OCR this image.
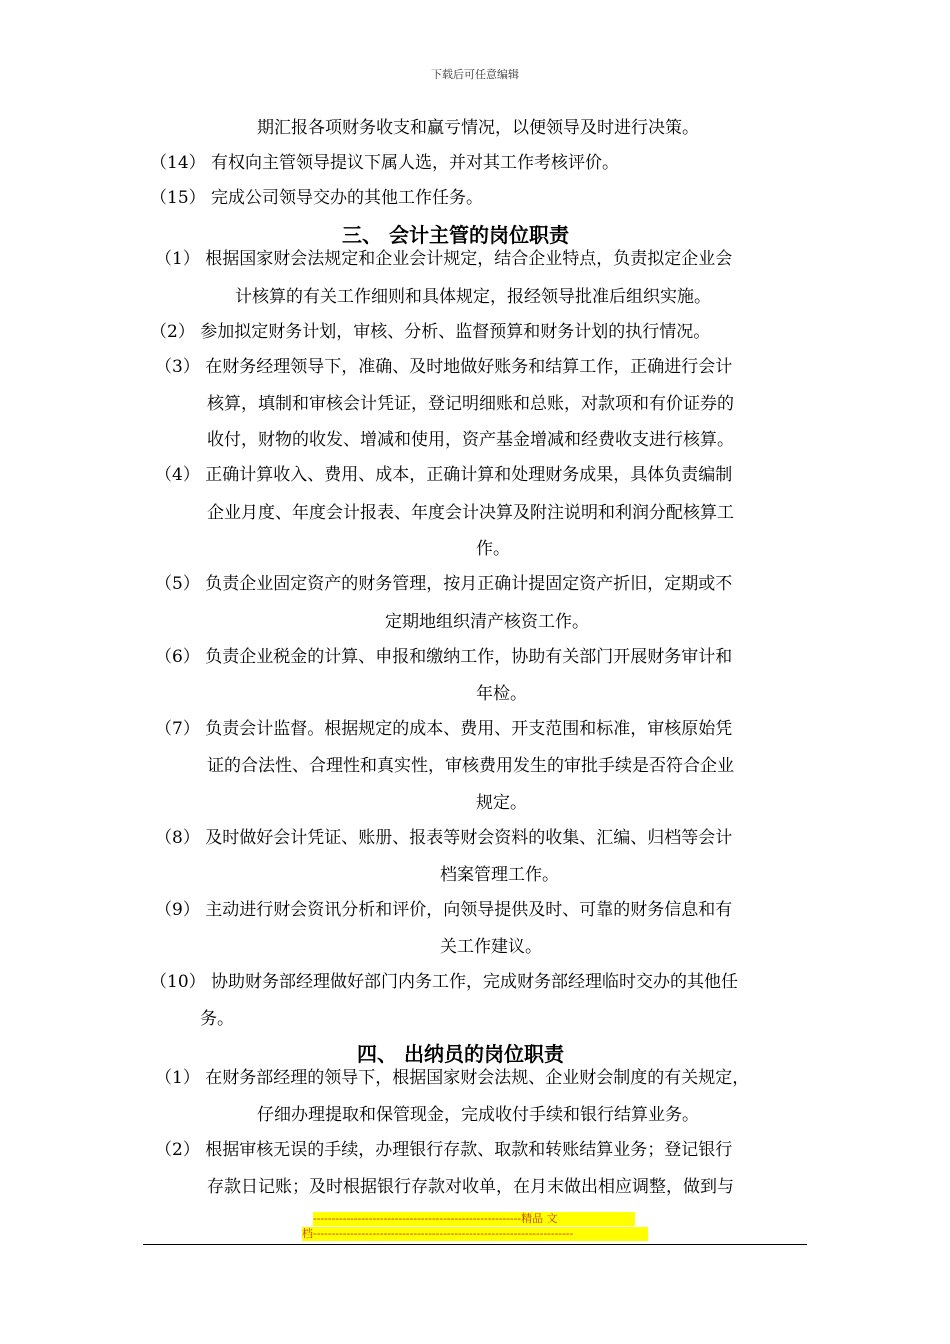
下载后可任意编辑
期汇报各项财务收支和赢亏情况，以便领导及时进行决策。
（14） 有权向主管领导提议下属人选，并对其工作考核评价。
（15） 完成公司领导交办的其他工作任务。
三、 会计主管的岗位职责
（1） 根据国家财会法规定和企业会计规定，结合企业特点，负责拟定企业会
计核算的有关工作细则和具体规定，报经领导批准后组织实施。
（2） 参加拟定财务计划，审核、分析、监督预算和财务计划的执行情况。
（3） 在财务经理领导下，准确、及时地做好账务和结算工作，正确进行会计
核算，填制和审核会计凭证，登记明细账和总账，对款项和有价证券的
收付，财物的收发、增减和使用，资产基金增减和经费收支进行核算。
（4） 正确计算收入、费用、成本，正确计算和处理财务成果，具体负责编制
企业月度、年度会计报表、年度会计决算及附注说明和利润分配核算工
作。
（5） 负责企业固定资产的财务管理，按月正确计提固定资产折旧，定期或不
定期地组织清产核资工作。
（6） 负责企业税金的计算、申报和缴纳工作，协助有关部门开展财务审计和
年检。
（7） 负责会计监督。根据规定的成本、费用、开支范围和标准，审核原始凭
证的合法性、合理性和真实性，审核费用发生的审批手续是否符合企业
规定。
（8） 及时做好会计凭证、账册、报表等财会资料的收集、汇编、归档等会计
档案管理工作。
（9） 主动进行财会资讯分析和评价，向领导提供及时、可靠的财务信息和有
关工作建议。
（10） 协助财务部经理做好部门内务工作，完成财务部经理临时交办的其他任
务。
四、 出纳员的岗位职责
（1） 在财务部经理的领导下，根据国家财会法规、企业财会制度的有关规定，
仔细办理提取和保管现金，完成收付手续和银行结算业务。
（2） 根据审核无误的手续，办理银行存款、取款和转账结算业务；登记银行
存款日记账；及时根据银行存款对收单，在月末做出相应调整，做到与
--------------------------------------------------------精品 文
档----------------------------------------------------------------------
